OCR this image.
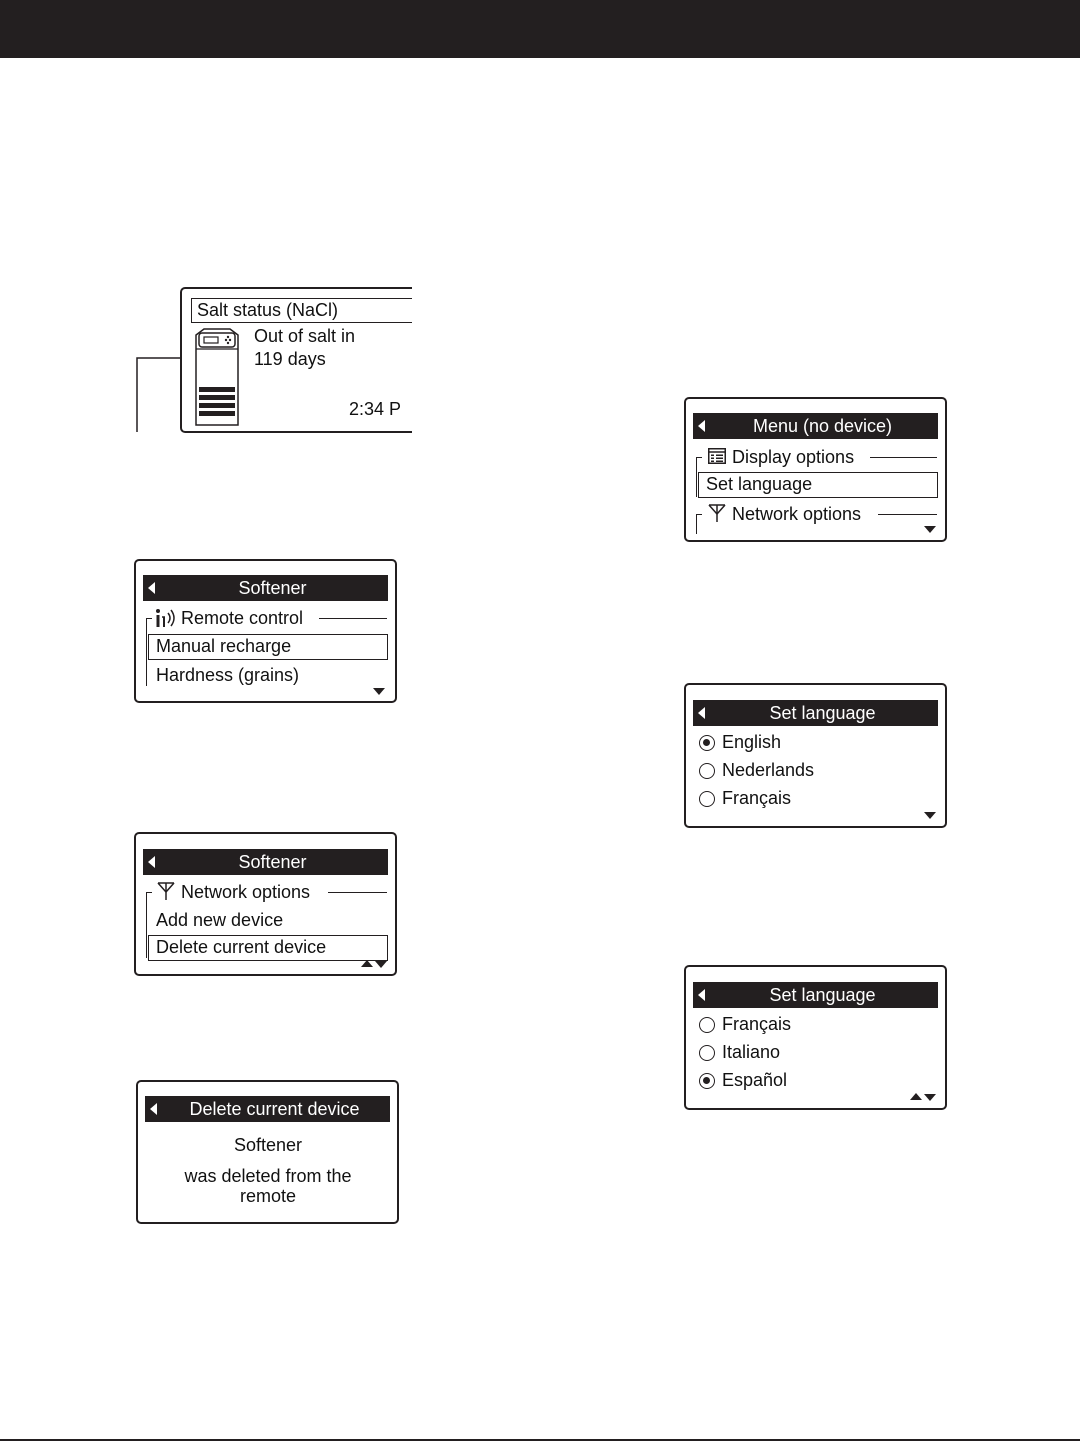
Salt status (NaCl)
Out of salt in
119 days
2:34 P
Softener
Remote control
Manual recharge
Hardness (grains)
Softener
Network options
Add new device
Delete current device
Delete current device
Softener
was deleted from the remote
Menu (no device)
Display options
Set language
Network options
Set language
English
Nederlands
Français
Set language
Français
Italiano
Español
